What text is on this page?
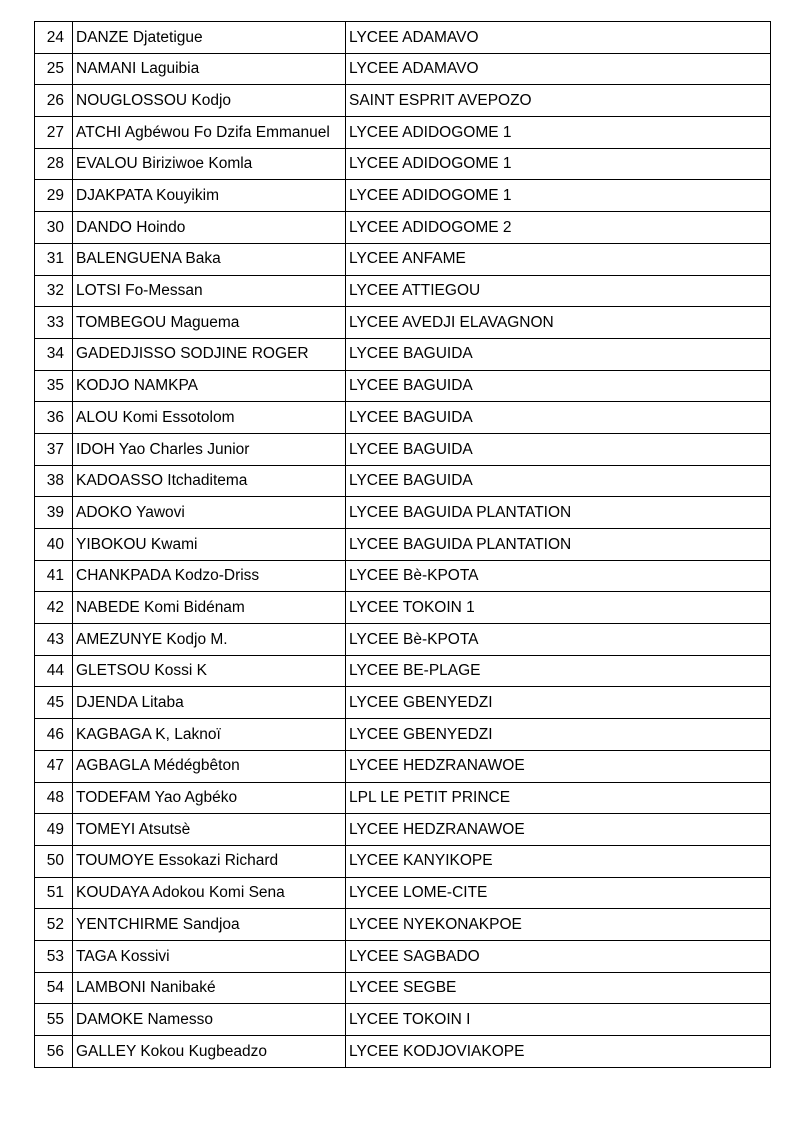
24	DANZE Djatetigue	LYCEE ADAMAVO
25	NAMANI Laguibia	LYCEE ADAMAVO
26	NOUGLOSSOU Kodjo	SAINT ESPRIT AVEPOZO
27	ATCHI Agbéwou Fo Dzifa Emmanuel	LYCEE ADIDOGOME 1
28	EVALOU Biriziwoe Komla	LYCEE ADIDOGOME 1
29	DJAKPATA Kouyikim	LYCEE ADIDOGOME 1
30	DANDO Hoindo	LYCEE ADIDOGOME 2
31	BALENGUENA Baka	LYCEE ANFAME
32	LOTSI Fo-Messan	LYCEE ATTIEGOU
33	TOMBEGOU Maguema	LYCEE AVEDJI ELAVAGNON
34	GADEDJISSO SODJINE ROGER	LYCEE BAGUIDA
35	KODJO NAMKPA	LYCEE BAGUIDA
36	ALOU Komi Essotolom	LYCEE BAGUIDA
37	IDOH Yao Charles Junior	LYCEE BAGUIDA
38	KADOASSO Itchaditema	LYCEE BAGUIDA
39	ADOKO Yawovi	LYCEE BAGUIDA PLANTATION
40	YIBOKOU Kwami	LYCEE BAGUIDA PLANTATION
41	CHANKPADA Kodzo-Driss	LYCEE Bè-KPOTA
42	NABEDE Komi Bidénam	LYCEE TOKOIN 1
43	AMEZUNYE Kodjo M.	LYCEE Bè-KPOTA
44	GLETSOU Kossi K	LYCEE BE-PLAGE
45	DJENDA Litaba	LYCEE GBENYEDZI
46	KAGBAGA K, Laknoï	LYCEE GBENYEDZI
47	AGBAGLA Médégbêton	LYCEE HEDZRANAWOE
48	TODEFAM Yao Agbéko	LPL LE PETIT PRINCE
49	TOMEYI Atsutsè	LYCEE HEDZRANAWOE
50	TOUMOYE Essokazi Richard	LYCEE KANYIKOPE
51	KOUDAYA Adokou Komi Sena	LYCEE LOME-CITE
52	YENTCHIRME Sandjoa	LYCEE NYEKONAKPOE
53	TAGA Kossivi	LYCEE SAGBADO
54	LAMBONI Nanibaké	LYCEE SEGBE
55	DAMOKE Namesso	LYCEE TOKOIN I
56	GALLEY Kokou Kugbeadzo	LYCEE KODJOVIAKOPE
